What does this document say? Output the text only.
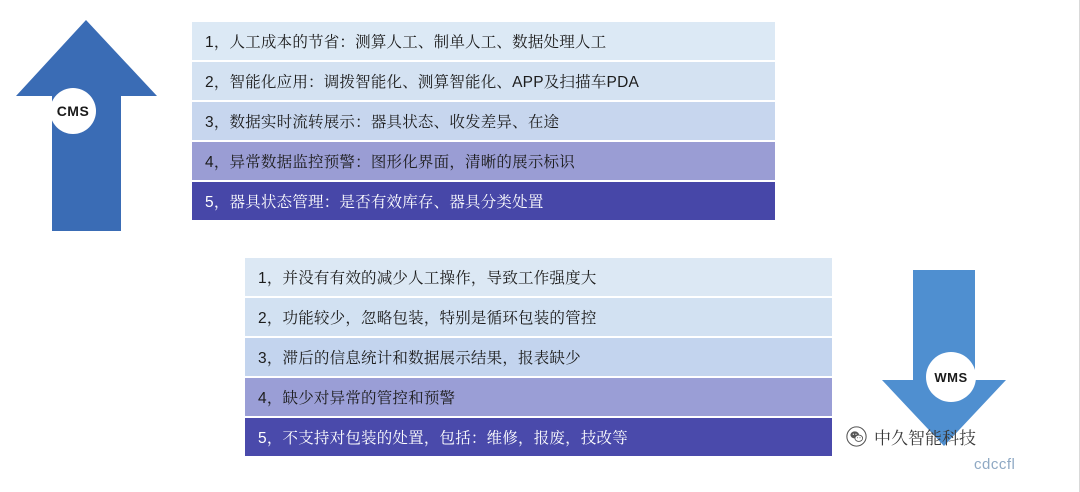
CMS
WMS
1，人工成本的节省：测算人工、制单人工、数据处理人工
2，智能化应用：调拨智能化、测算智能化、APP及扫描车PDA
3，数据实时流转展示：器具状态、收发差异、在途
4，异常数据监控预警：图形化界面，清晰的展示标识
5，器具状态管理：是否有效库存、器具分类处置
1，并没有有效的减少人工操作，导致工作强度大
2，功能较少，忽略包装，特别是循环包装的管控
3，滞后的信息统计和数据展示结果，报表缺少
4，缺少对异常的管控和预警
5，不支持对包装的处置，包括：维修，报废，技改等	中久智能科技
cdccfl
